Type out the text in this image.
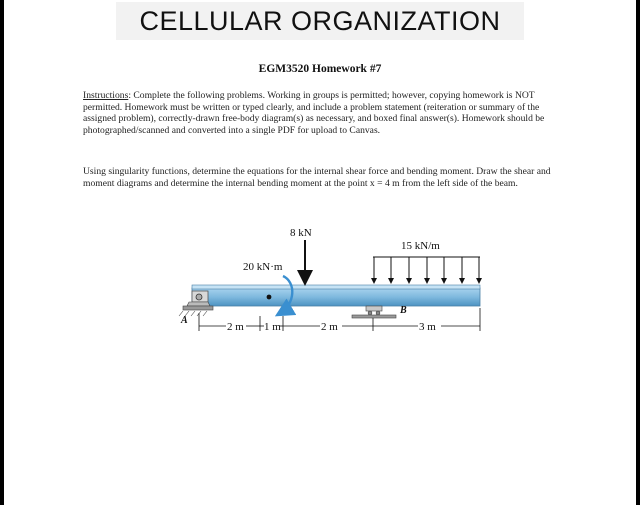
CELLULAR ORGANIZATION
EGM3520 Homework #7
Instructions: Complete the following problems. Working in groups is permitted; however, copying homework is NOT permitted. Homework must be written or typed clearly, and include a problem statement (reiteration or summary of the assigned problem), correctly-drawn free-body diagram(s) as necessary, and boxed final answer(s). Homework should be photographed/scanned and converted into a single PDF for upload to Canvas.
Using singularity functions, determine the equations for the internal shear force and bending moment. Draw the shear and moment diagrams and determine the internal bending moment at the point x = 4 m from the left side of the beam.
A
B
8 kN
20 kN·m
15 kN/m
2 m 1 m	2 m	3 m
